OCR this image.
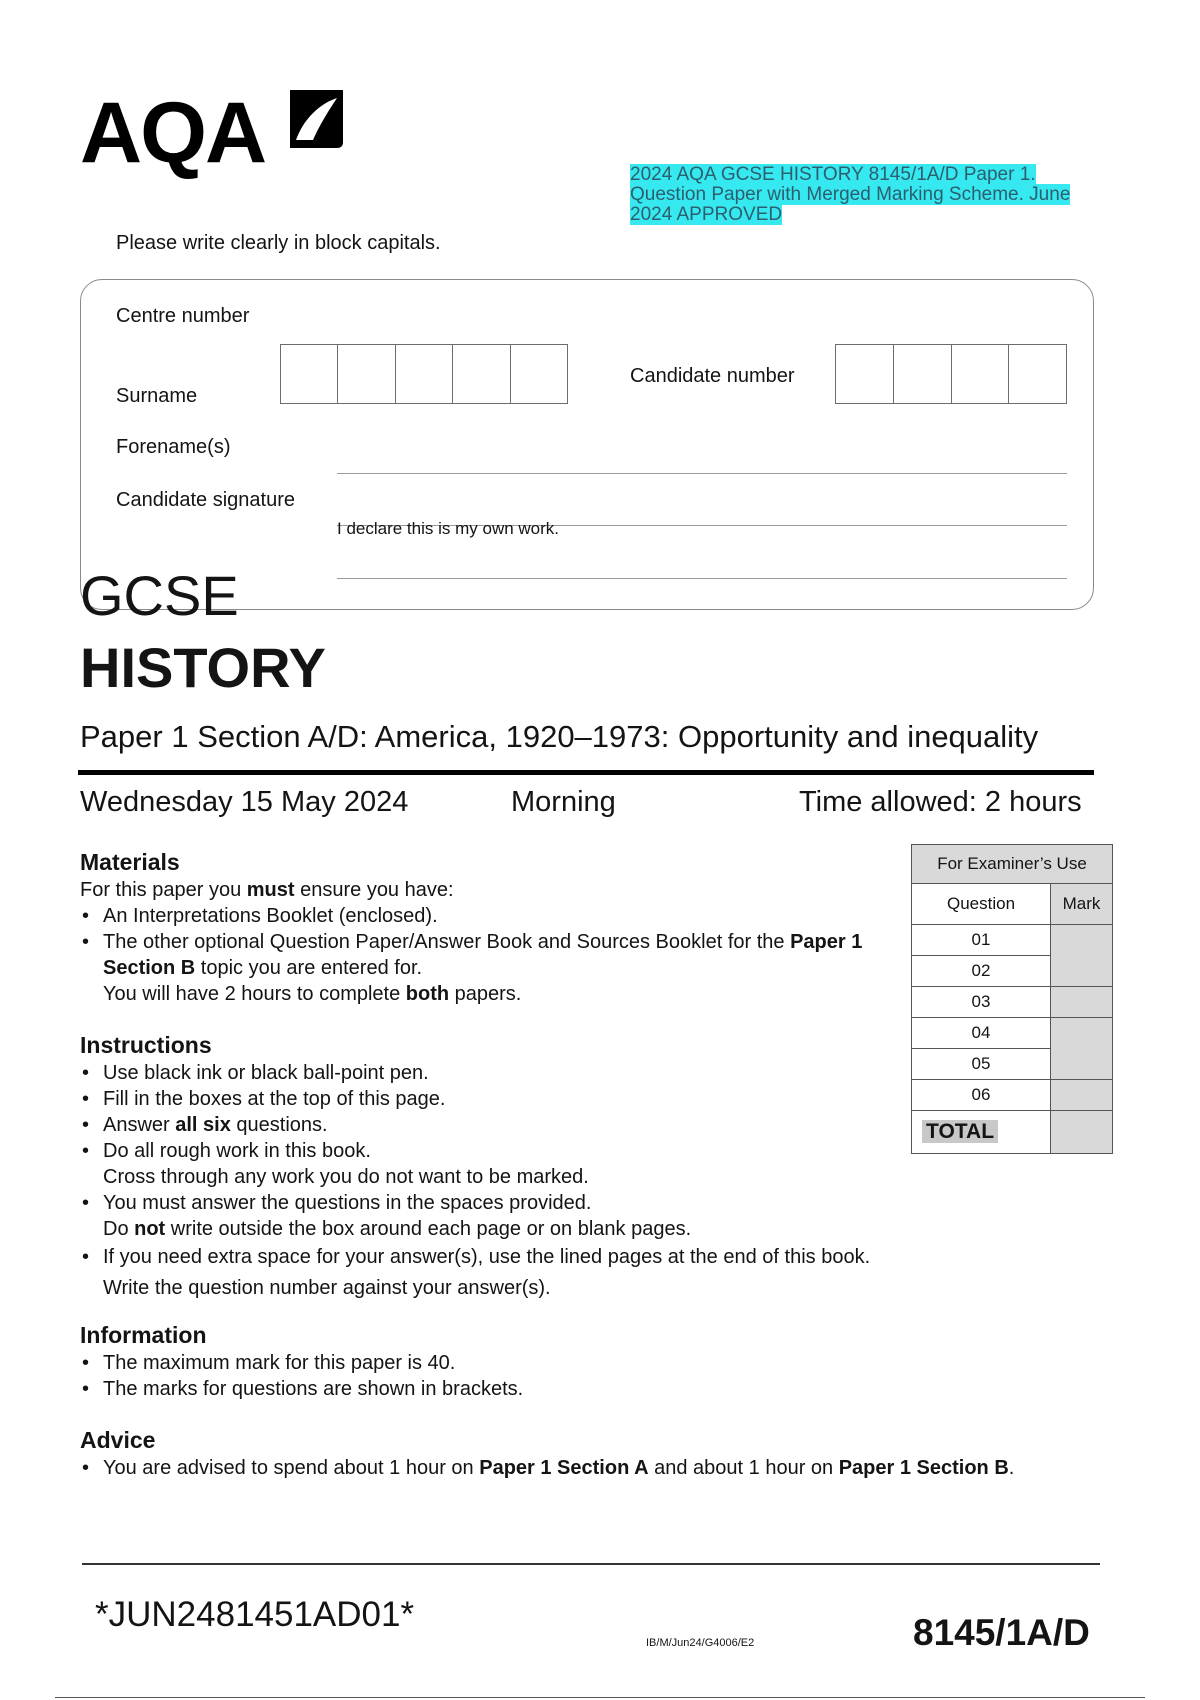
AQA	2024 AQA GCSE HISTORY 8145/1A/D Paper 1. Question Paper with Merged Marking Scheme. June 2024 APPROVED
Please write clearly in block capitals.
Centre number
Candidate number
Surname
Forename(s)
Candidate signature
I declare this is my own work.
GCSE
HISTORY
Paper 1 Section A/D: America, 1920–1973: Opportunity and inequality
Wednesday 15 May 2024	Morning	Time allowed: 2 hours
Materials

For this paper you must ensure you have:

• An Interpretations Booklet (enclosed).
• The other optional Question Paper/Answer Book and Sources Booklet for the Paper 1 Section B topic you are entered for.

You will have 2 hours to complete both papers.

Instructions
• Use black ink or black ball-point pen.
• Fill in the boxes at the top of this page.
• Answer all six questions.
• Do all rough work in this book.
Cross through any work you do not want to be marked.
• You must answer the questions in the spaces provided.
Do not write outside the box around each page or on blank pages.
• If you need extra space for your answer(s), use the lined pages at the end of this book. Write the question number against your answer(s).
Information
• The maximum mark for this paper is 40.
• The marks for questions are shown in brackets.
Advice
• You are advised to spend about 1 hour on Paper 1 Section A and about 1 hour on Paper 1 Section B.
For Examiner’s Use	
Question	Mark
01	
02	
03	
04	
05	
06	
TOTAL	
*JUN2481451AD01*
IB/M/Jun24/G4006/E2	8145/1A/D
